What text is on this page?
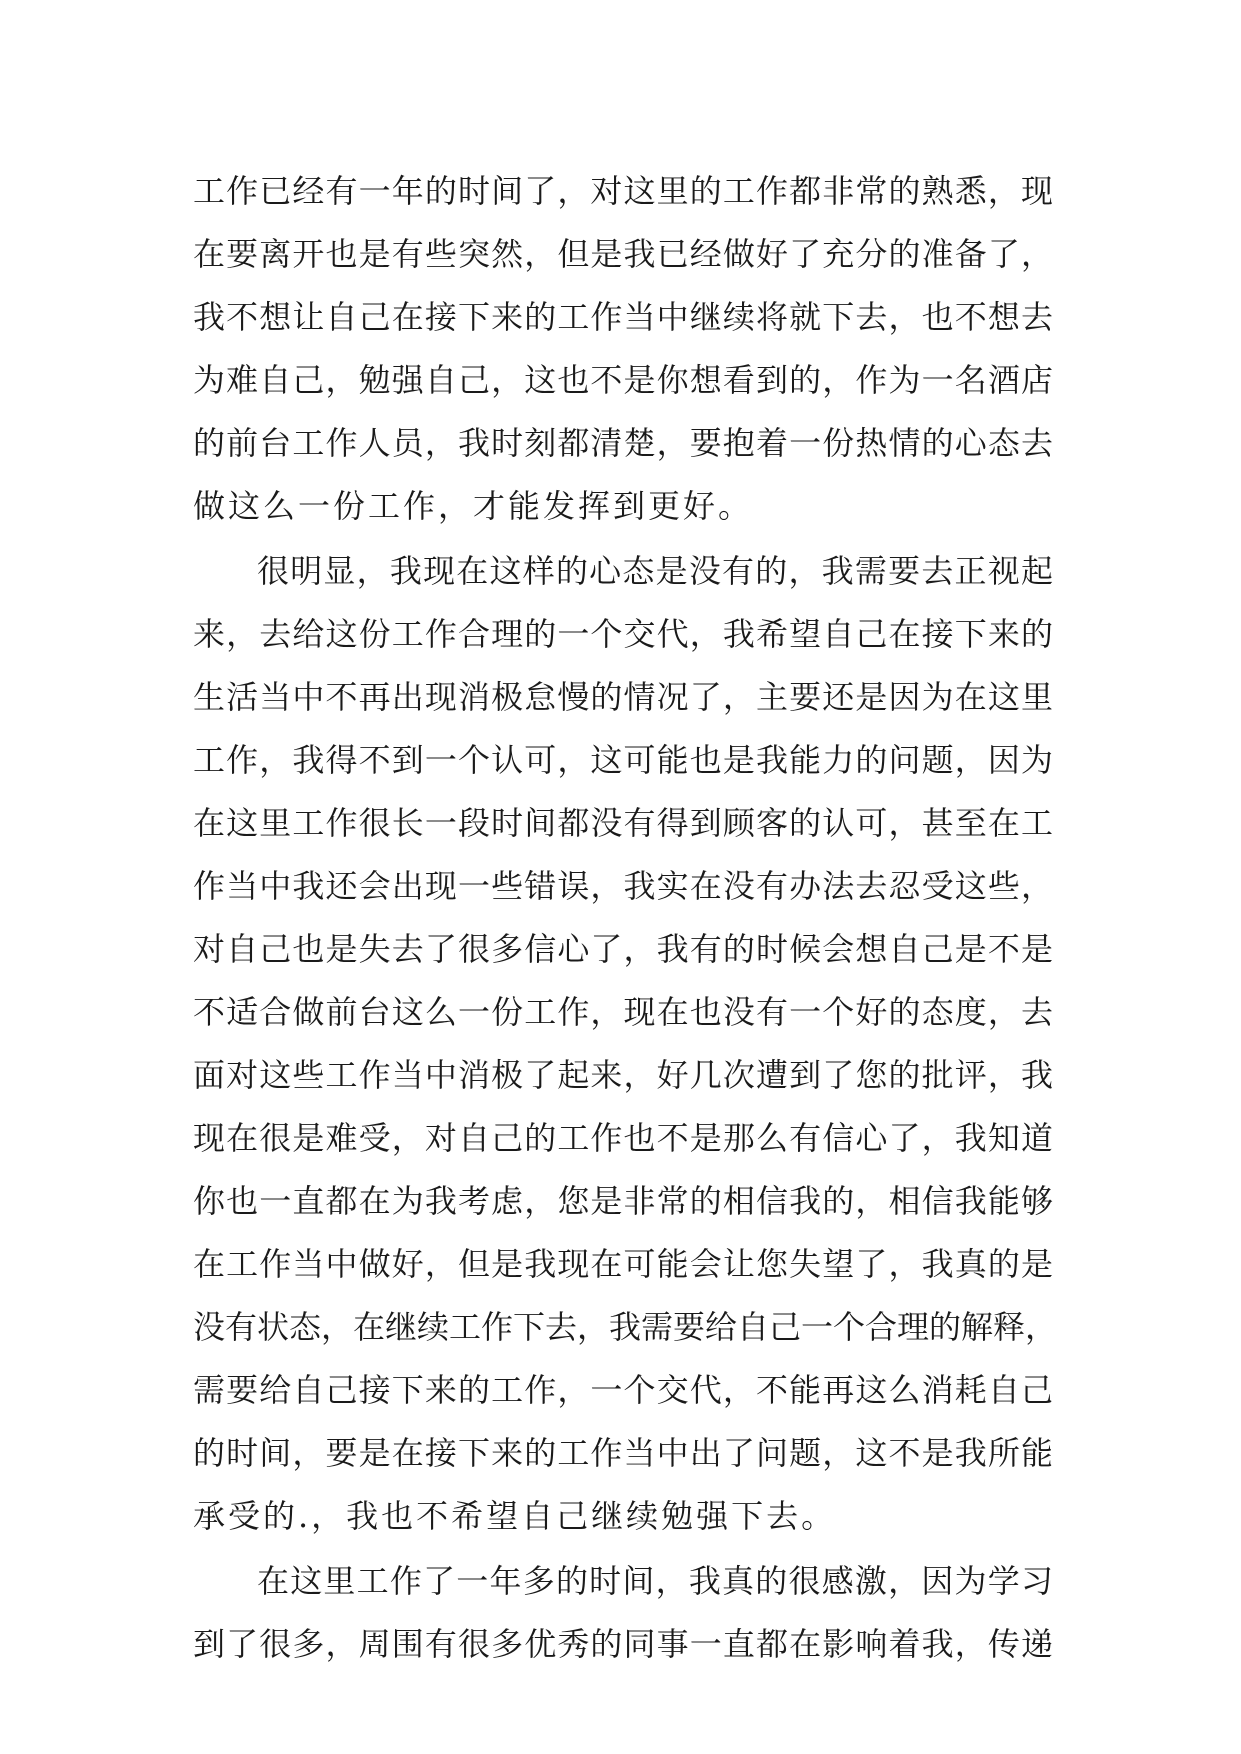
工作已经有一年的时间了，对这里的工作都非常的熟悉，现
在要离开也是有些突然，但是我已经做好了充分的准备了，
我不想让自己在接下来的工作当中继续将就下去，也不想去
为难自己，勉强自己，这也不是你想看到的，作为一名酒店
的前台工作人员，我时刻都清楚，要抱着一份热情的心态去
做这么一份工作，才能发挥到更好。
很明显，我现在这样的心态是没有的，我需要去正视起
来，去给这份工作合理的一个交代，我希望自己在接下来的
生活当中不再出现消极怠慢的情况了，主要还是因为在这里
工作，我得不到一个认可，这可能也是我能力的问题，因为
在这里工作很长一段时间都没有得到顾客的认可，甚至在工
作当中我还会出现一些错误，我实在没有办法去忍受这些，
对自己也是失去了很多信心了，我有的时候会想自己是不是
不适合做前台这么一份工作，现在也没有一个好的态度，去
面对这些工作当中消极了起来，好几次遭到了您的批评，我
现在很是难受，对自己的工作也不是那么有信心了，我知道
你也一直都在为我考虑，您是非常的相信我的，相信我能够
在工作当中做好，但是我现在可能会让您失望了，我真的是
没有状态，在继续工作下去，我需要给自己一个合理的解释，
需要给自己接下来的工作，一个交代，不能再这么消耗自己
的时间，要是在接下来的工作当中出了问题，这不是我所能
承受的.，我也不希望自己继续勉强下去。
在这里工作了一年多的时间，我真的很感激，因为学习
到了很多，周围有很多优秀的同事一直都在影响着我，传递
